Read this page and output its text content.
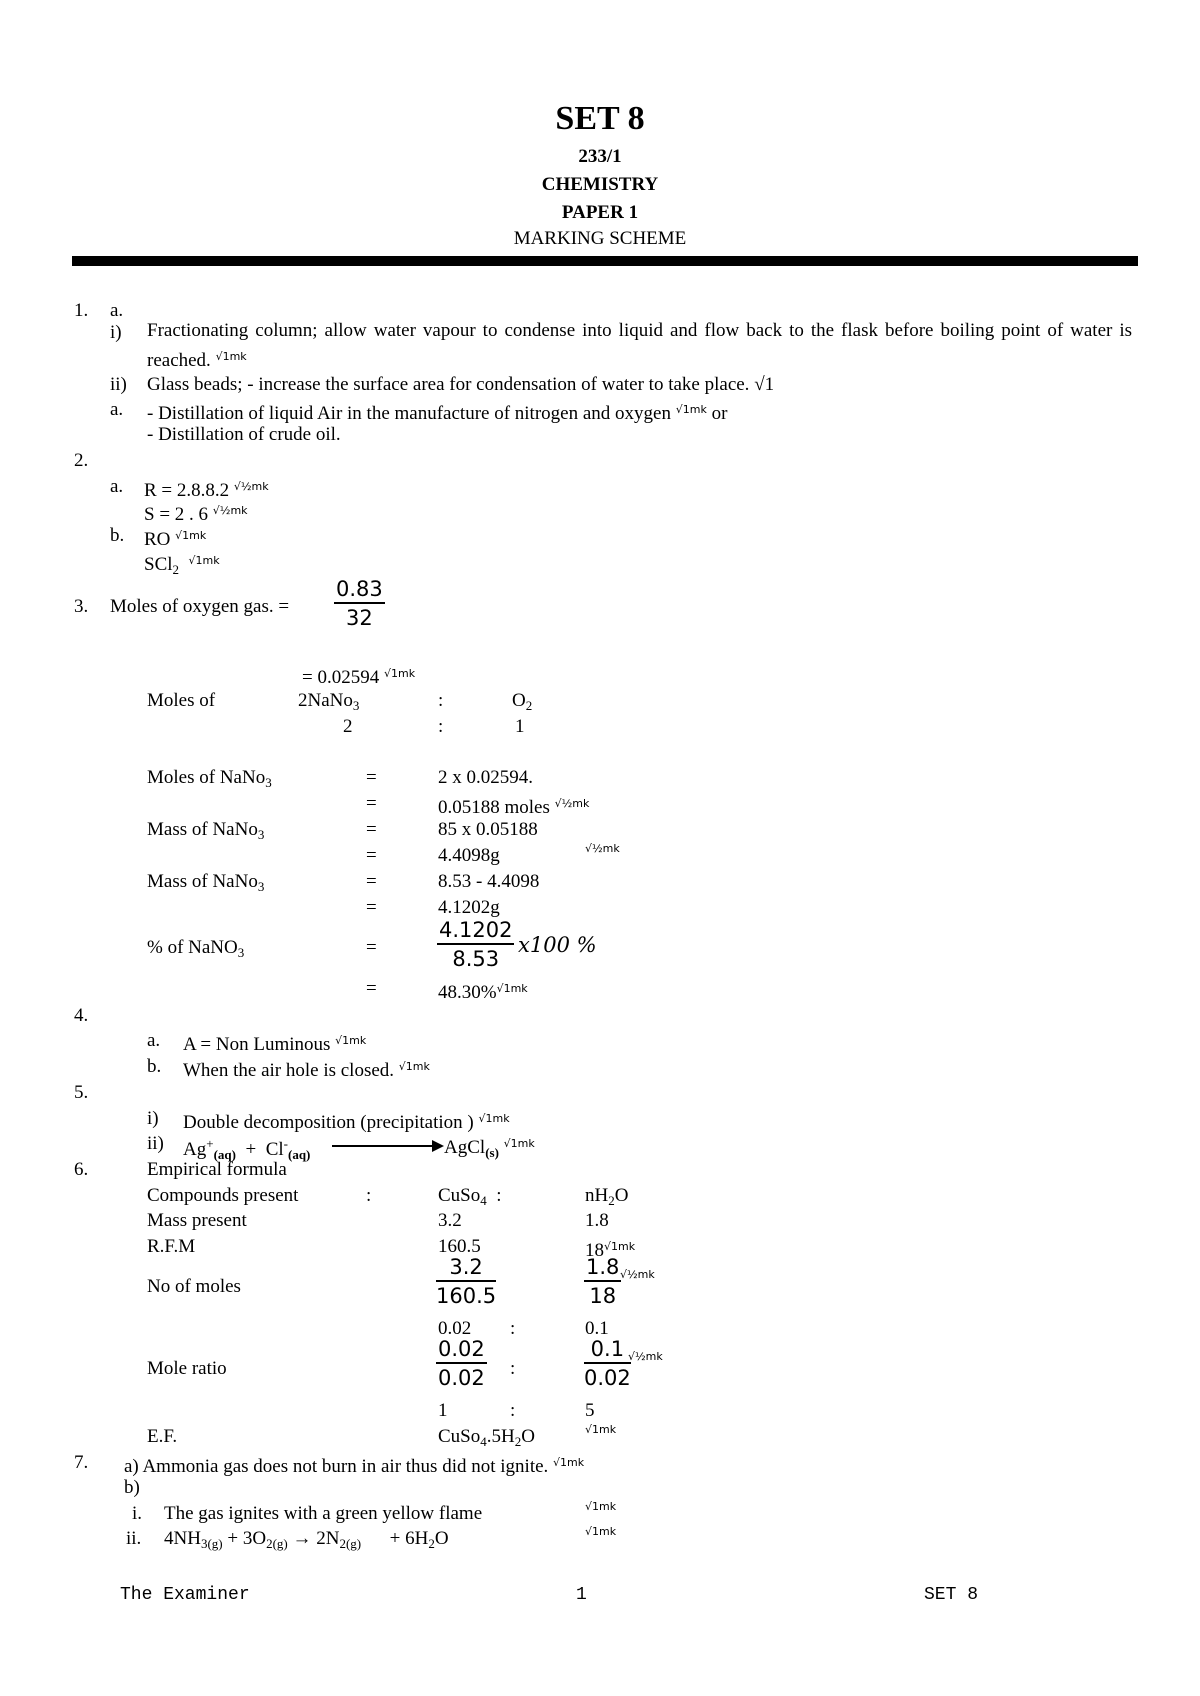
SET 8
233/1
CHEMISTRY
PAPER 1
MARKING SCHEME
1. a.
i) Fractionating column; allow water vapour to condense into liquid and flow back to the flask before boiling point of water is reached. $^{√1mk}$
ii) Glass beads; - increase the surface area for condensation of water to take place. √1
a. - Distillation of liquid Air in the manufacture of nitrogen and oxygen $^{√1mk}$ or
- Distillation of crude oil.
2.
a. R = 2.8.8.2 $^{√\frac{1}{2}mk}$
S = 2 . 6 $^{√\frac{1}{2}mk}$
b. RO $^{√1mk}$
SCl$_2$  $^{√1mk}$
3. Moles of oxygen gas. = $\frac{0.83}{32}$
= 0.02594 $^{√1mk}$
Moles of	2NaNo$_3$	:	$O_2$
2	:	1
Moles of NaNo$_3$	=	2 x 0.02594.
=	0.05188 moles $^{√\frac{1}{2}mk}$
Mass of NaNo$_3$	=	85 x 0.05188
=	4.4098g	$^{√\frac{1}{2}mk}$
Mass of NaNo$_3$	=	8.53 - 4.4098
=	4.1202g
% of NaNO$_3$	=	$\frac{4.1202}{8.53} x100$ %
=	48.30%$^{√1mk}$
4.
a. A = Non Luminous $^{√1mk}$
b. When the air hole is closed. $^{√1mk}$
5.
i) Double decomposition (precipitation ) $^{√1mk}$
ii) $Ag^+_{(aq)} + Cl^-_{(aq)}$	AgCl$_{(s)}$ $^{√1mk}$
6.	Empirical formula
Compounds present	:	CuSo$_4$ :	$nH_2O$
Mass present	3.2	1.8
R.F.M	160.5	$18^{√1mk}$
No of moles	$\frac{3.2}{160.5}$	$\frac{1.8}{18}$
$^{√\frac{1}{2}mk}$
0.02 :	0.1
Mole ratio	$\frac{0.02}{0.02}$ :	$\frac{0.1}{0.02}$
$^{√\frac{1}{2}mk}$
1	:	5
E.F.	$CuSo_4.5H_2O$	$^{√1mk}$
7. a) Ammonia gas does not burn in air thus did not ignite. $^{√1mk}$
b)
i. The gas ignites with a green yellow flame	$^{√1mk}$
ii. $4NH_{3(g)} + 3O_{2(g)} \to 2N_{2(g)} + 6H_2O$	$^{√1mk}$
The Examiner	1	SET 8
